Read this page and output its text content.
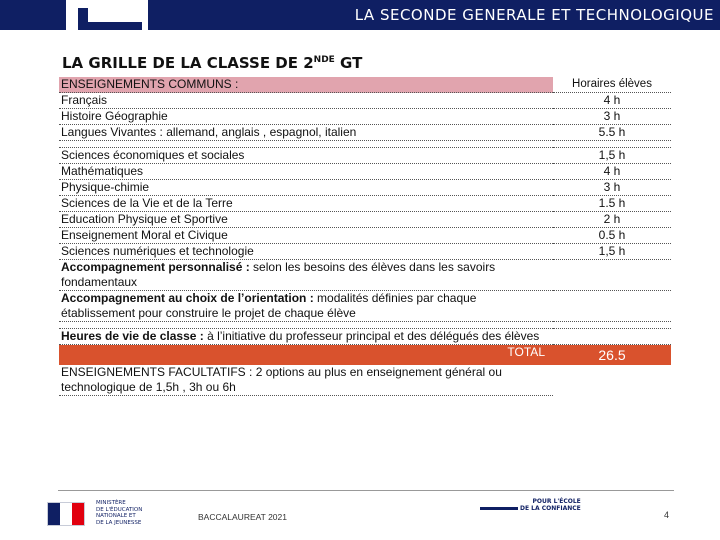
LA SECONDE GENERALE ET TECHNOLOGIQUE
LA GRILLE DE LA CLASSE DE 2NDE GT
ENSEIGNEMENTS COMMUNS :	Horaires élèves
Français	4 h
Histoire Géographie	3 h
Langues Vivantes : allemand, anglais , espagnol, italien	5.5 h

Sciences économiques et sociales	1,5 h
Mathématiques	4 h
Physique-chimie	3 h
Sciences de la Vie et de la Terre	1.5 h
Education Physique et Sportive	2 h
Enseignement Moral et Civique	0.5 h
Sciences numériques et technologie	1,5 h
Accompagnement personnalisé : selon les besoins des élèves dans les savoirs fondamentaux	
Accompagnement au choix de l’orientation : modalités définies par chaque établissement pour construire le projet de chaque élève	

Heures de vie de classe : à l’initiative du professeur principal et des délégués des élèves	
TOTAL	26.5
ENSEIGNEMENTS FACULTATIFS : 2 options au plus en enseignement général ou technologique de 1,5h , 3h ou 6h	
MINISTÈRE
DE L'ÉDUCATION
NATIONALE ET
DE LA JEUNESSE
BACCALAUREAT 2021
POUR L'ÉCOLE
DE LA CONFIANCE
4
